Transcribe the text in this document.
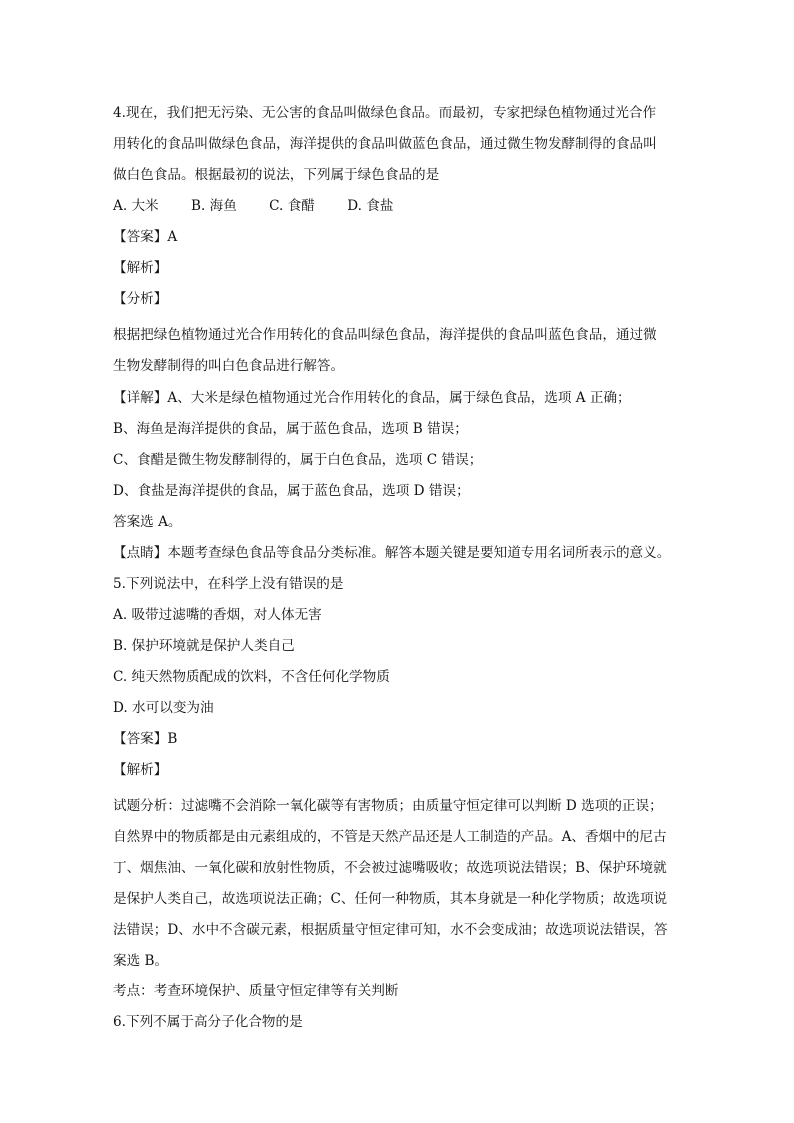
4.现在，我们把无污染、无公害的食品叫做绿色食品。而最初，专家把绿色植物通过光合作
用转化的食品叫做绿色食品，海洋提供的食品叫做蓝色食品，通过微生物发酵制得的食品叫
做白色食品。根据最初的说法，下列属于绿色食品的是
A. 大米 B. 海鱼 C. 食醋 D. 食盐
【答案】A
【解析】
【分析】
根据把绿色植物通过光合作用转化的食品叫绿色食品，海洋提供的食品叫蓝色食品，通过微
生物发酵制得的叫白色食品进行解答。
【详解】A、大米是绿色植物通过光合作用转化的食品，属于绿色食品，选项 A 正确；
B、海鱼是海洋提供的食品，属于蓝色食品，选项 B 错误；
C、食醋是微生物发酵制得的，属于白色食品，选项 C 错误；
D、食盐是海洋提供的食品，属于蓝色食品，选项 D 错误；
答案选 A。
【点睛】本题考查绿色食品等食品分类标准。解答本题关键是要知道专用名词所表示的意义。
5.下列说法中，在科学上没有错误的是
A. 吸带过滤嘴的香烟，对人体无害
B. 保护环境就是保护人类自己
C. 纯天然物质配成的饮料，不含任何化学物质
D. 水可以变为油
【答案】B
【解析】
试题分析：过滤嘴不会消除一氧化碳等有害物质；由质量守恒定律可以判断 D 选项的正误；
自然界中的物质都是由元素组成的，不管是天然产品还是人工制造的产品。A、香烟中的尼古
丁、烟焦油、一氧化碳和放射性物质，不会被过滤嘴吸收；故选项说法错误；B、保护环境就
是保护人类自己，故选项说法正确；C、任何一种物质，其本身就是一种化学物质；故选项说
法错误；D、水中不含碳元素，根据质量守恒定律可知，水不会变成油；故选项说法错误，答
案选 B。
考点：考查环境保护、质量守恒定律等有关判断
6.下列不属于高分子化合物的是
